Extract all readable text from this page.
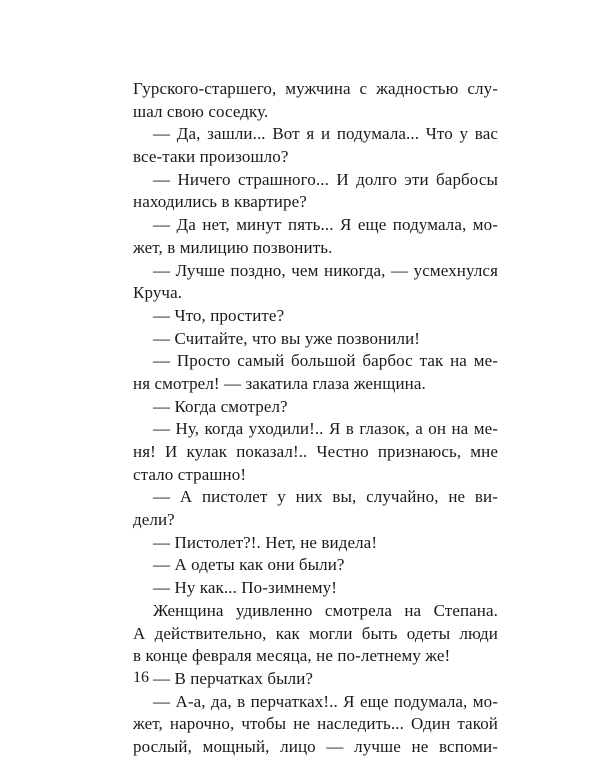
Гурского-старшего, мужчина с жадностью слу-
шал свою соседку.
— Да, зашли... Вот я и подумала... Что у вас
все-таки произошло?
— Ничего страшного... И долго эти барбосы
находились в квартире?
— Да нет, минут пять... Я еще подумала, мо-
жет, в милицию позвонить.
— Лучше поздно, чем никогда, — усмехнулся
Круча.
— Что, простите?
— Считайте, что вы уже позвонили!
— Просто самый большой барбос так на ме-
ня смотрел! — закатила глаза женщина.
— Когда смотрел?
— Ну, когда уходили!.. Я в глазок, а он на ме-
ня! И кулак показал!.. Честно признаюсь, мне
стало страшно!
— А пистолет у них вы, случайно, не ви-
дели?
— Пистолет?!. Нет, не видела!
— А одеты как они были?
— Ну как... По-зимнему!
Женщина удивленно смотрела на Степана.
А действительно, как могли быть одеты люди
в конце февраля месяца, не по-летнему же!
— В перчатках были?
— А-а, да, в перчатках!.. Я еще подумала, мо-
жет, нарочно, чтобы не наследить... Один такой
рослый, мощный, лицо — лучше не вспоми-
16
